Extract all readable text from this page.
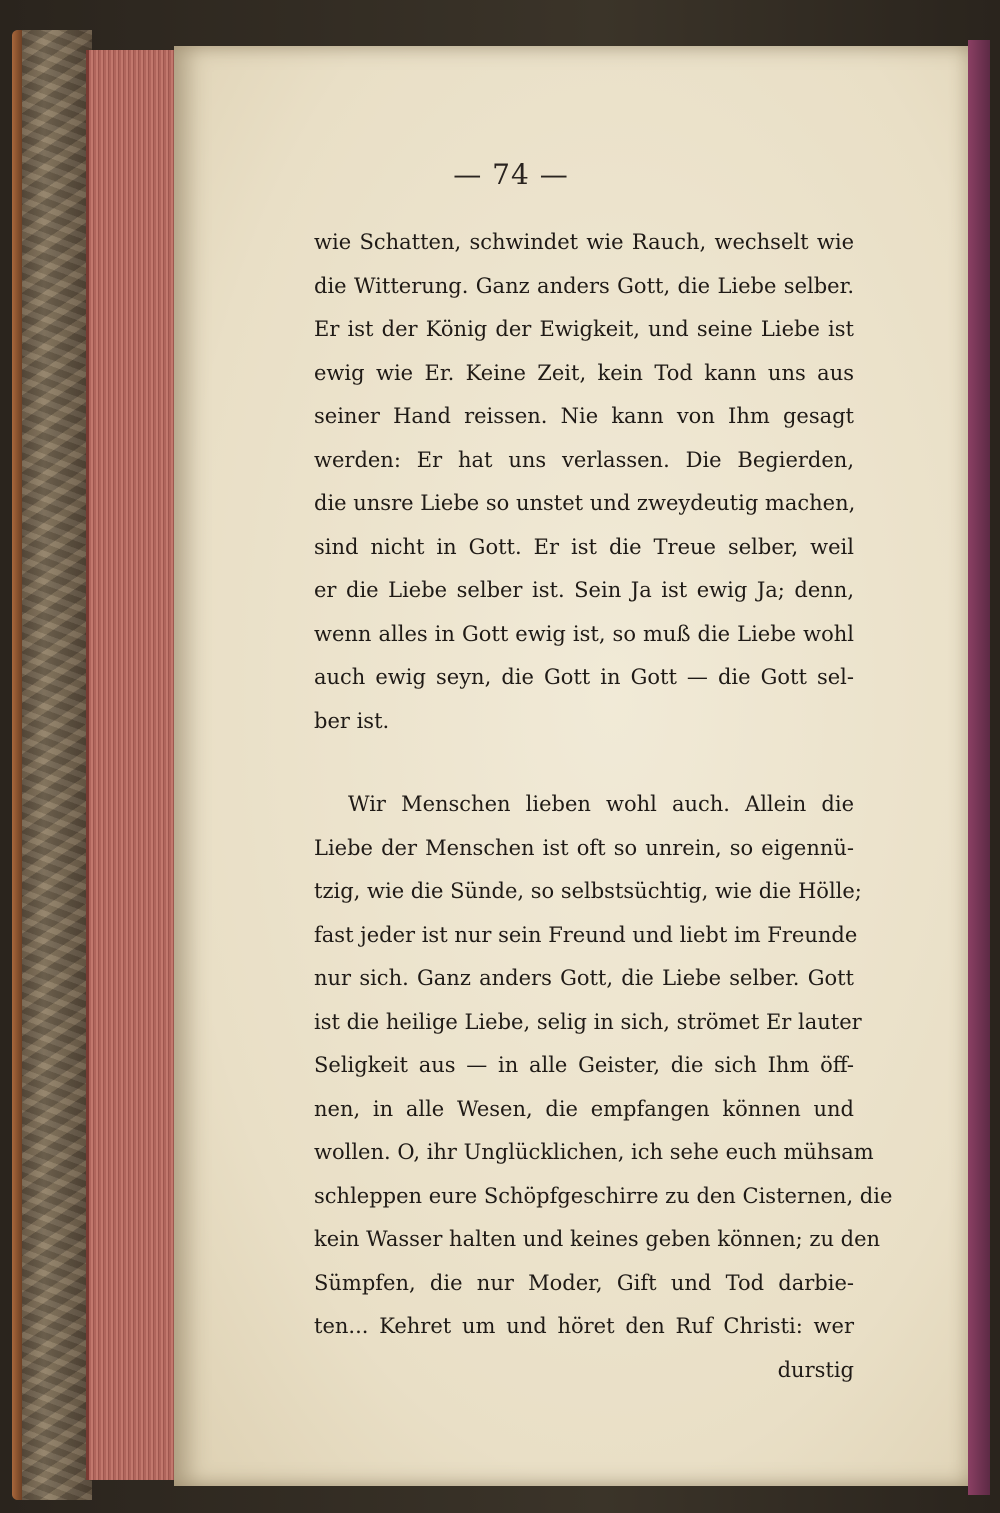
— 74 —
wie Schatten, schwindet wie Rauch, wechselt wie
die Witterung. Ganz anders Gott, die Liebe selber.
Er ist der König der Ewigkeit, und seine Liebe ist
ewig wie Er. Keine Zeit, kein Tod kann uns aus
seiner Hand reissen. Nie kann von Ihm gesagt
werden: Er hat uns verlassen. Die Begierden,
die unsre Liebe so unstet und zweydeutig machen,
sind nicht in Gott. Er ist die Treue selber, weil
er die Liebe selber ist. Sein Ja ist ewig Ja; denn,
wenn alles in Gott ewig ist, so muß die Liebe wohl
auch ewig seyn, die Gott in Gott — die Gott sel-
ber ist.
Wir Menschen lieben wohl auch. Allein die
Liebe der Menschen ist oft so unrein, so eigennü-
tzig, wie die Sünde, so selbstsüchtig, wie die Hölle;
fast jeder ist nur sein Freund und liebt im Freunde
nur sich. Ganz anders Gott, die Liebe selber. Gott
ist die heilige Liebe, selig in sich, strömet Er lauter
Seligkeit aus — in alle Geister, die sich Ihm öff-
nen, in alle Wesen, die empfangen können und
wollen. O, ihr Unglücklichen, ich sehe euch mühsam
schleppen eure Schöpfgeschirre zu den Cisternen, die
kein Wasser halten und keines geben können; zu den
Sümpfen, die nur Moder, Gift und Tod darbie-
ten... Kehret um und höret den Ruf Christi: wer
durstig
